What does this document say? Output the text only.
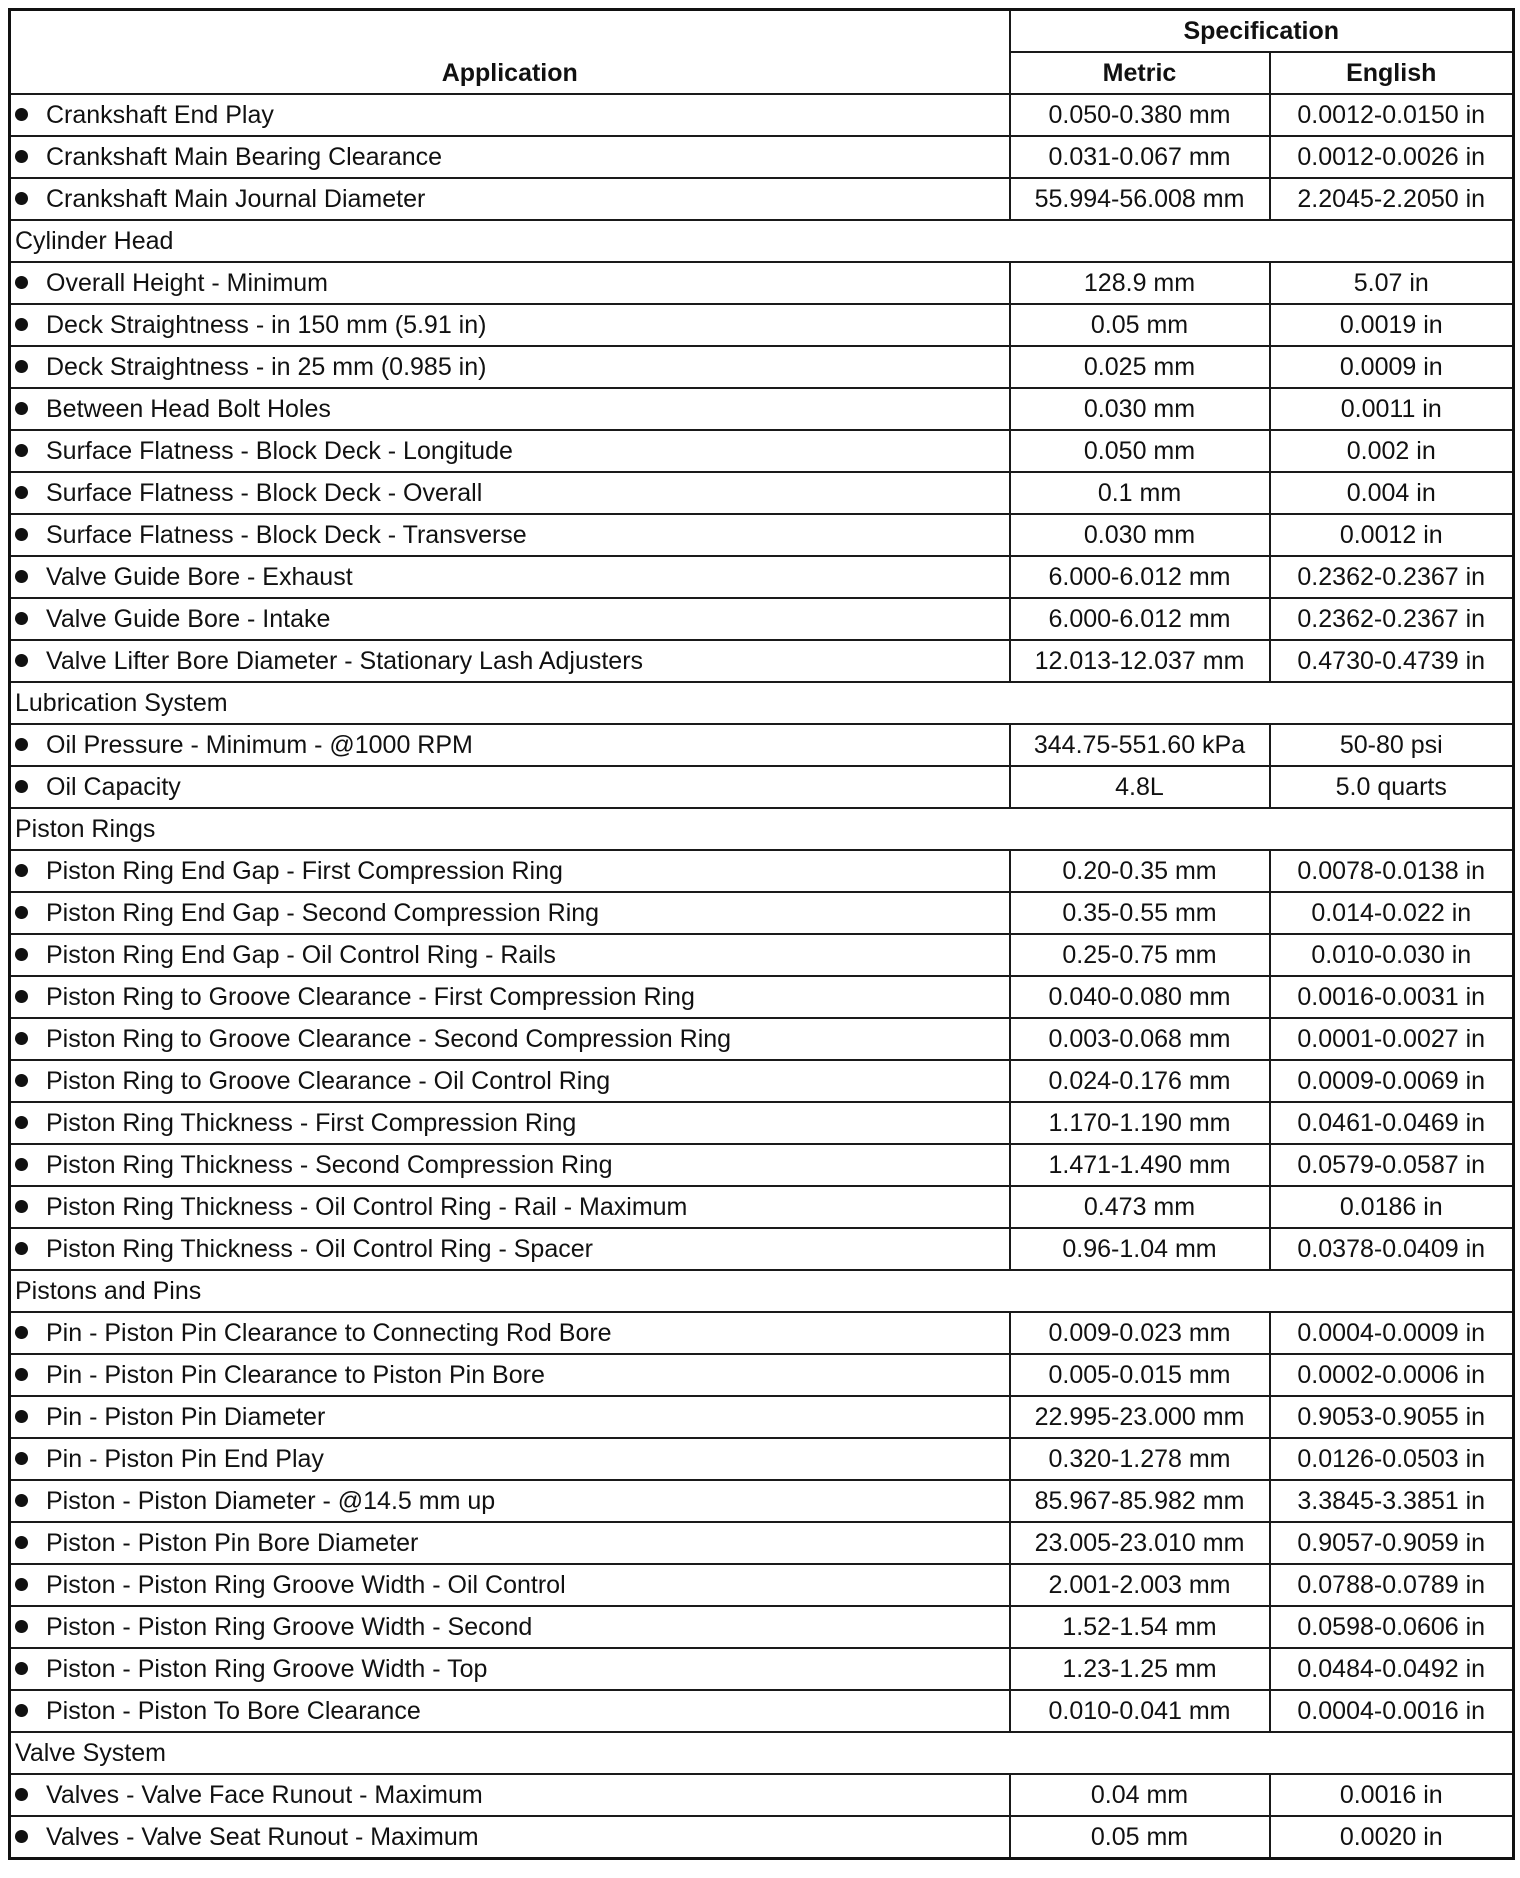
Application	Specification	
	Metric	English
Crankshaft End Play	0.050-0.380 mm	0.0012-0.0150 in
Crankshaft Main Bearing Clearance	0.031-0.067 mm	0.0012-0.0026 in
Crankshaft Main Journal Diameter	55.994-56.008 mm	2.2045-2.2050 in
Cylinder Head		
Overall Height - Minimum	128.9 mm	5.07 in
Deck Straightness - in 150 mm (5.91 in)	0.05 mm	0.0019 in
Deck Straightness - in 25 mm (0.985 in)	0.025 mm	0.0009 in
Between Head Bolt Holes	0.030 mm	0.0011 in
Surface Flatness - Block Deck - Longitude	0.050 mm	0.002 in
Surface Flatness - Block Deck - Overall	0.1 mm	0.004 in
Surface Flatness - Block Deck - Transverse	0.030 mm	0.0012 in
Valve Guide Bore - Exhaust	6.000-6.012 mm	0.2362-0.2367 in
Valve Guide Bore - Intake	6.000-6.012 mm	0.2362-0.2367 in
Valve Lifter Bore Diameter - Stationary Lash Adjusters	12.013-12.037 mm	0.4730-0.4739 in
Lubrication System		
Oil Pressure - Minimum - @1000 RPM	344.75-551.60 kPa	50-80 psi
Oil Capacity	4.8L	5.0 quarts
Piston Rings		
Piston Ring End Gap - First Compression Ring	0.20-0.35 mm	0.0078-0.0138 in
Piston Ring End Gap - Second Compression Ring	0.35-0.55 mm	0.014-0.022 in
Piston Ring End Gap - Oil Control Ring - Rails	0.25-0.75 mm	0.010-0.030 in
Piston Ring to Groove Clearance - First Compression Ring	0.040-0.080 mm	0.0016-0.0031 in
Piston Ring to Groove Clearance - Second Compression Ring	0.003-0.068 mm	0.0001-0.0027 in
Piston Ring to Groove Clearance - Oil Control Ring	0.024-0.176 mm	0.0009-0.0069 in
Piston Ring Thickness - First Compression Ring	1.170-1.190 mm	0.0461-0.0469 in
Piston Ring Thickness - Second Compression Ring	1.471-1.490 mm	0.0579-0.0587 in
Piston Ring Thickness - Oil Control Ring - Rail - Maximum	0.473 mm	0.0186 in
Piston Ring Thickness - Oil Control Ring - Spacer	0.96-1.04 mm	0.0378-0.0409 in
Pistons and Pins		
Pin - Piston Pin Clearance to Connecting Rod Bore	0.009-0.023 mm	0.0004-0.0009 in
Pin - Piston Pin Clearance to Piston Pin Bore	0.005-0.015 mm	0.0002-0.0006 in
Pin - Piston Pin Diameter	22.995-23.000 mm	0.9053-0.9055 in
Pin - Piston Pin End Play	0.320-1.278 mm	0.0126-0.0503 in
Piston - Piston Diameter - @14.5 mm up	85.967-85.982 mm	3.3845-3.3851 in
Piston - Piston Pin Bore Diameter	23.005-23.010 mm	0.9057-0.9059 in
Piston - Piston Ring Groove Width - Oil Control	2.001-2.003 mm	0.0788-0.0789 in
Piston - Piston Ring Groove Width - Second	1.52-1.54 mm	0.0598-0.0606 in
Piston - Piston Ring Groove Width - Top	1.23-1.25 mm	0.0484-0.0492 in
Piston - Piston To Bore Clearance	0.010-0.041 mm	0.0004-0.0016 in
Valve System		
Valves - Valve Face Runout - Maximum	0.04 mm	0.0016 in
Valves - Valve Seat Runout - Maximum	0.05 mm	0.0020 in
